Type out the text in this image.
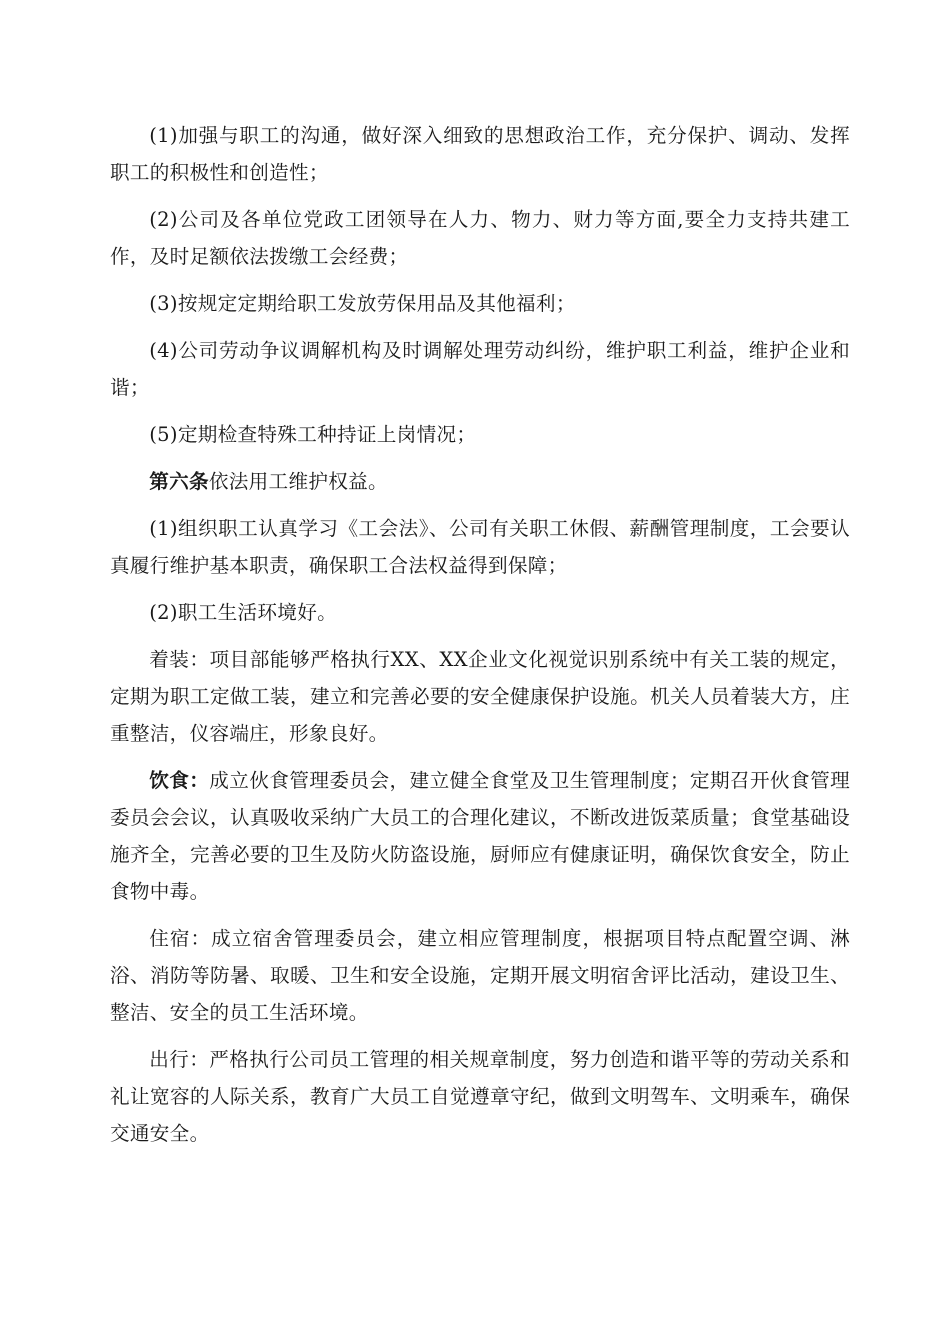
(1)加强与职工的沟通，做好深入细致的思想政治工作，充分保护、调动、发挥职工的积极性和创造性；

(2)公司及各单位党政工团领导在人力、物力、财力等方面,要全力支持共建工作，及时足额依法拨缴工会经费；

(3)按规定定期给职工发放劳保用品及其他福利；

(4)公司劳动争议调解机构及时调解处理劳动纠纷，维护职工利益，维护企业和谐；

(5)定期检查特殊工种持证上岗情况；

第六条依法用工维护权益。

(1)组织职工认真学习《工会法》、公司有关职工休假、薪酬管理制度，工会要认真履行维护基本职责，确保职工合法权益得到保障；

(2)职工生活环境好。

着装：项目部能够严格执行XX、XX企业文化视觉识别系统中有关工装的规定，定期为职工定做工装，建立和完善必要的安全健康保护设施。机关人员着装大方，庄重整洁，仪容端庄，形象良好。

饮食：成立伙食管理委员会，建立健全食堂及卫生管理制度；定期召开伙食管理委员会会议，认真吸收采纳广大员工的合理化建议，不断改进饭菜质量；食堂基础设施齐全，完善必要的卫生及防火防盗设施，厨师应有健康证明，确保饮食安全，防止食物中毒。

住宿：成立宿舍管理委员会，建立相应管理制度，根据项目特点配置空调、淋浴、消防等防暑、取暖、卫生和安全设施，定期开展文明宿舍评比活动，建设卫生、整洁、安全的员工生活环境。

出行：严格执行公司员工管理的相关规章制度，努力创造和谐平等的劳动关系和礼让宽容的人际关系，教育广大员工自觉遵章守纪，做到文明驾车、文明乘车，确保交通安全。
